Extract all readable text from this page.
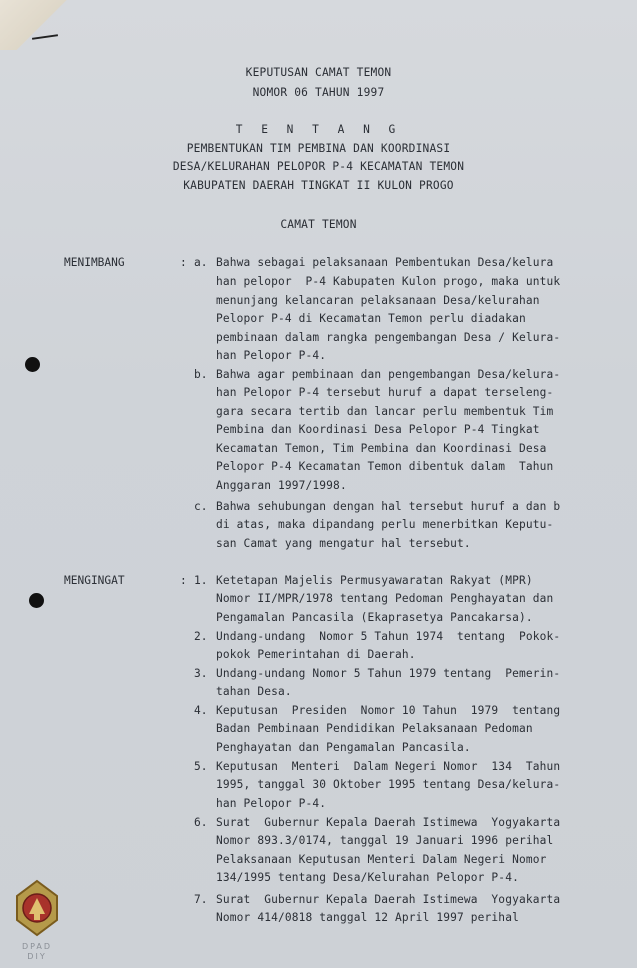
KEPUTUSAN CAMAT TEMON
NOMOR 06 TAHUN 1997
T E N T A N G
PEMBENTUKAN TIM PEMBINA DAN KOORDINASI
DESA/KELURAHAN PELOPOR P-4 KECAMATAN TEMON
KABUPATEN DAERAH TINGKAT II KULON PROGO
CAMAT TEMON
MENIMBANG	: a. Bahwa sebagai pelaksanaan Pembentukan Desa/kelura
han pelopor  P-4 Kabupaten Kulon progo, maka untuk
menunjang kelancaran pelaksanaan Desa/kelurahan
Pelopor P-4 di Kecamatan Temon perlu diadakan
pembinaan dalam rangka pengembangan Desa / Kelura-
han Pelopor P-4.
b. Bahwa agar pembinaan dan pengembangan Desa/kelura-
han Pelopor P-4 tersebut huruf a dapat terseleng-
gara secara tertib dan lancar perlu membentuk Tim
Pembina dan Koordinasi Desa Pelopor P-4 Tingkat
Kecamatan Temon, Tim Pembina dan Koordinasi Desa
Pelopor P-4 Kecamatan Temon dibentuk dalam  Tahun
Anggaran 1997/1998.
c. Bahwa sehubungan dengan hal tersebut huruf a dan b
di atas, maka dipandang perlu menerbitkan Keputu-
san Camat yang mengatur hal tersebut.
MENGINGAT	: 1. Ketetapan Majelis Permusyawaratan Rakyat (MPR)
Nomor II/MPR/1978 tentang Pedoman Penghayatan dan
Pengamalan Pancasila (Ekaprasetya Pancakarsa).
2. Undang-undang  Nomor 5 Tahun 1974  tentang  Pokok-
pokok Pemerintahan di Daerah.
3. Undang-undang Nomor 5 Tahun 1979 tentang  Pemerin-
tahan Desa.
4. Keputusan  Presiden  Nomor 10 Tahun  1979  tentang
Badan Pembinaan Pendidikan Pelaksanaan Pedoman
Penghayatan dan Pengamalan Pancasila.
5. Keputusan  Menteri  Dalam Negeri Nomor  134  Tahun
1995, tanggal 30 Oktober 1995 tentang Desa/kelura-
han Pelopor P-4.
6. Surat  Gubernur Kepala Daerah Istimewa  Yogyakarta
Nomor 893.3/0174, tanggal 19 Januari 1996 perihal
Pelaksanaan Keputusan Menteri Dalam Negeri Nomor
134/1995 tentang Desa/Kelurahan Pelopor P-4.
7. Surat  Gubernur Kepala Daerah Istimewa  Yogyakarta
Nomor 414/0818 tanggal 12 April 1997 perihal
DPAD
DIY
